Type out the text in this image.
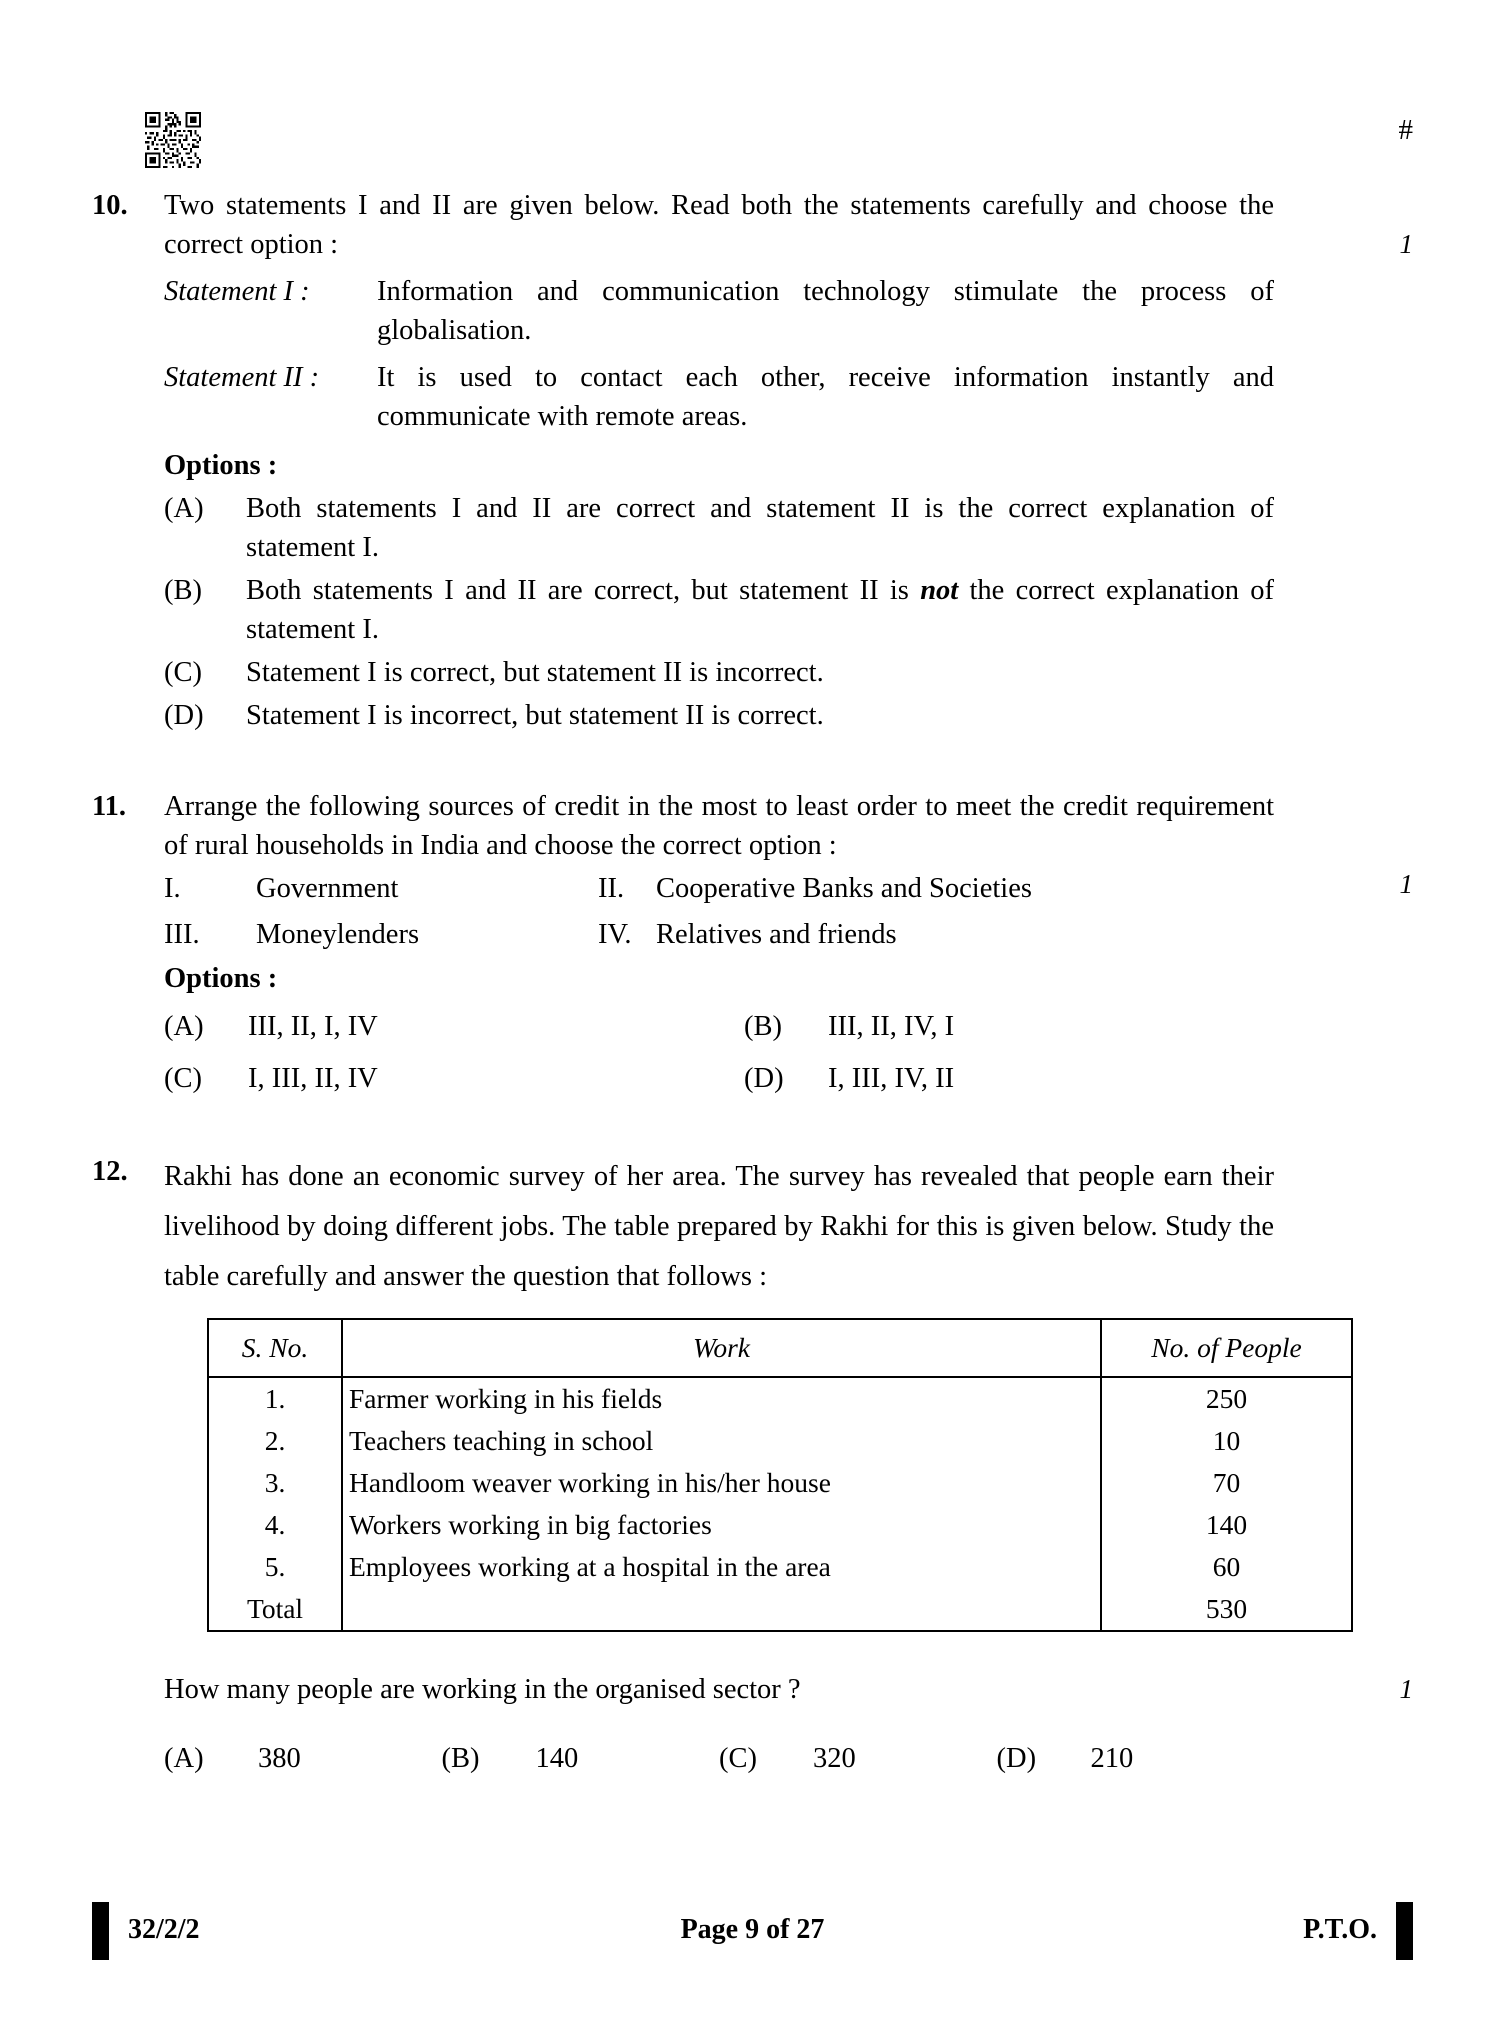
#
10.	Two statements I and II are given below. Read both the statements carefully and choose the correct option :	1
Statement I :	Information and communication technology stimulate the process of globalisation.
Statement II :	It is used to contact each other, receive information instantly and communicate with remote areas.
Options :
(A)	Both statements I and II are correct and statement II is the correct explanation of statement I.
(B)	Both statements I and II are correct, but statement II is not the correct explanation of statement I.
(C)	Statement I is correct, but statement II is incorrect.
(D)	Statement I is incorrect, but statement II is correct.
11.	Arrange the following sources of credit in the most to least order to meet the credit requirement of rural households in India and choose the correct option :
1
I.	Government	II.	Cooperative Banks and Societies
III.	Moneylenders	IV. Relatives and friends
Options :
(A)	III, II, I, IV	(B)	III, II, IV, I
(C)	I, III, II, IV	(D)	I, III, IV, II
12.	Rakhi has done an economic survey of her area. The survey has revealed that people earn their livelihood by doing different jobs. The table prepared by Rakhi for this is given below. Study the table carefully and answer the question that follows :
S. No.	Work	No. of People
1.	Farmer working in his fields	250
2.	Teachers teaching in school	10
3.	Handloom weaver working in his/her house	70
4.	Workers working in big factories	140
5.	Employees working at a hospital in the area	60
Total		530
How many people are working in the organised sector ?	1
(A)	380	(B)	140	(C)	320	(D)	210
32/2/2	Page 9 of 27	P.T.O.
